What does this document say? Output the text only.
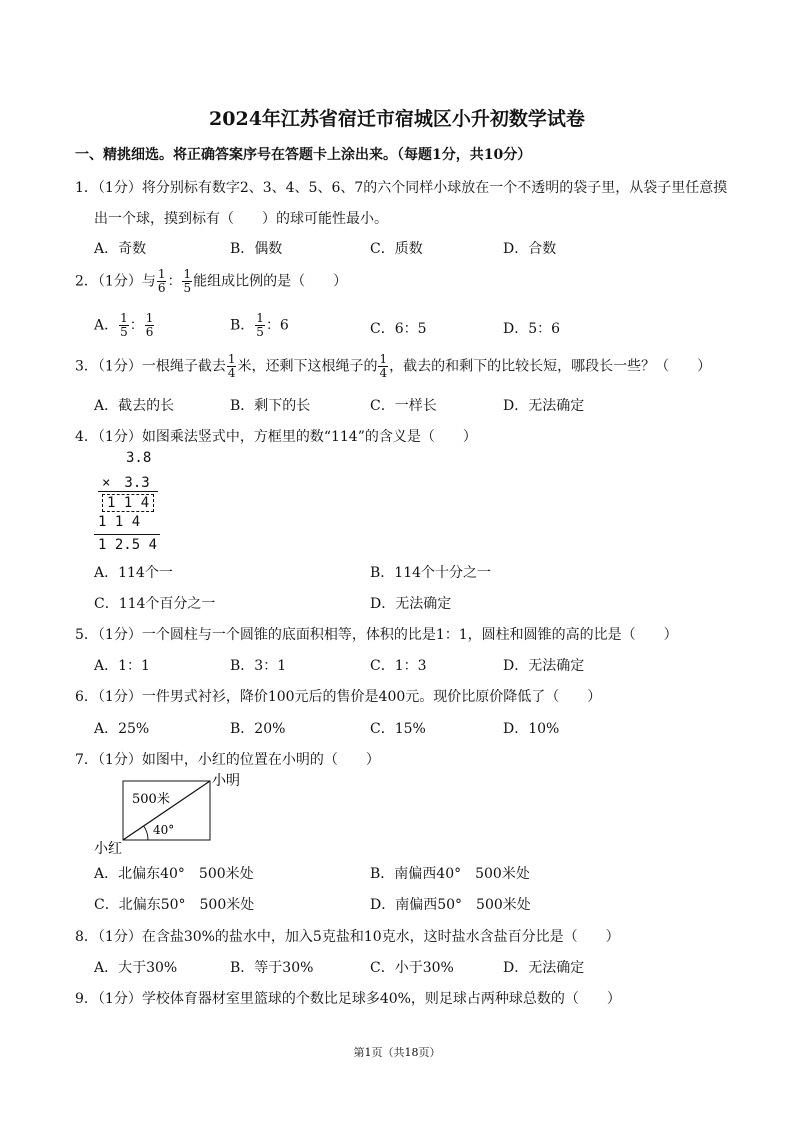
2024年江苏省宿迁市宿城区小升初数学试卷
一、精挑细选。将正确答案序号在答题卡上涂出来。（每题1分，共10分）
1．（1分）将分别标有数字2、3、4、5、6、7的六个同样小球放在一个不透明的袋子里，从袋子里任意摸
出一个球，摸到标有（　　）的球可能性最小。
A．奇数	B．偶数	C．质数	D．合数
2．（1分）与 $\frac{1}{6}$ ： $\frac{1}{5}$ 能组成比例的是（　　）
A． $\frac{1}{5}$ ： $\frac{1}{6}$	B． $\frac{1}{5}$ ：6	C．6：5	D．5：6
3．（1分）一根绳子截去 $\frac{1}{4}$ 米，还剩下这根绳子的 $\frac{1}{4}$ ，截去的和剩下的比较长短，哪段长一些？（　　）
A．截去的长	B．剩下的长	C．一样长	D．无法确定
4．（1分）如图乘法竖式中，方框里的数“114”的含义是（　　）
3.8
×　3.3
1 1 4
1 1 4
1 2.5 4
A．114个一	B．114个十分之一
C．114个百分之一	D．无法确定
5．（1分）一个圆柱与一个圆锥的底面积相等，体积的比是1：1，圆柱和圆锥的高的比是（　　）
A．1：1	B．3：1	C．1：3	D．无法确定
6．（1分）一件男式衬衫，降价100元后的售价是400元。现价比原价降低了（　　）
A．25%	B．20%	C．15%	D．10%
7．（1分）如图中，小红的位置在小明的（　　）
小明
小红
500米
40°
A．北偏东40°　500米处	B．南偏西40°　500米处
C．北偏东50°　500米处	D．南偏西50°　500米处
8．（1分）在含盐30%的盐水中，加入5克盐和10克水，这时盐水含盐百分比是（　　）
A．大于30%	B．等于30%	C．小于30%	D．无法确定
9．（1分）学校体育器材室里篮球的个数比足球多40%，则足球占两种球总数的（　　）
第1页（共18页）
